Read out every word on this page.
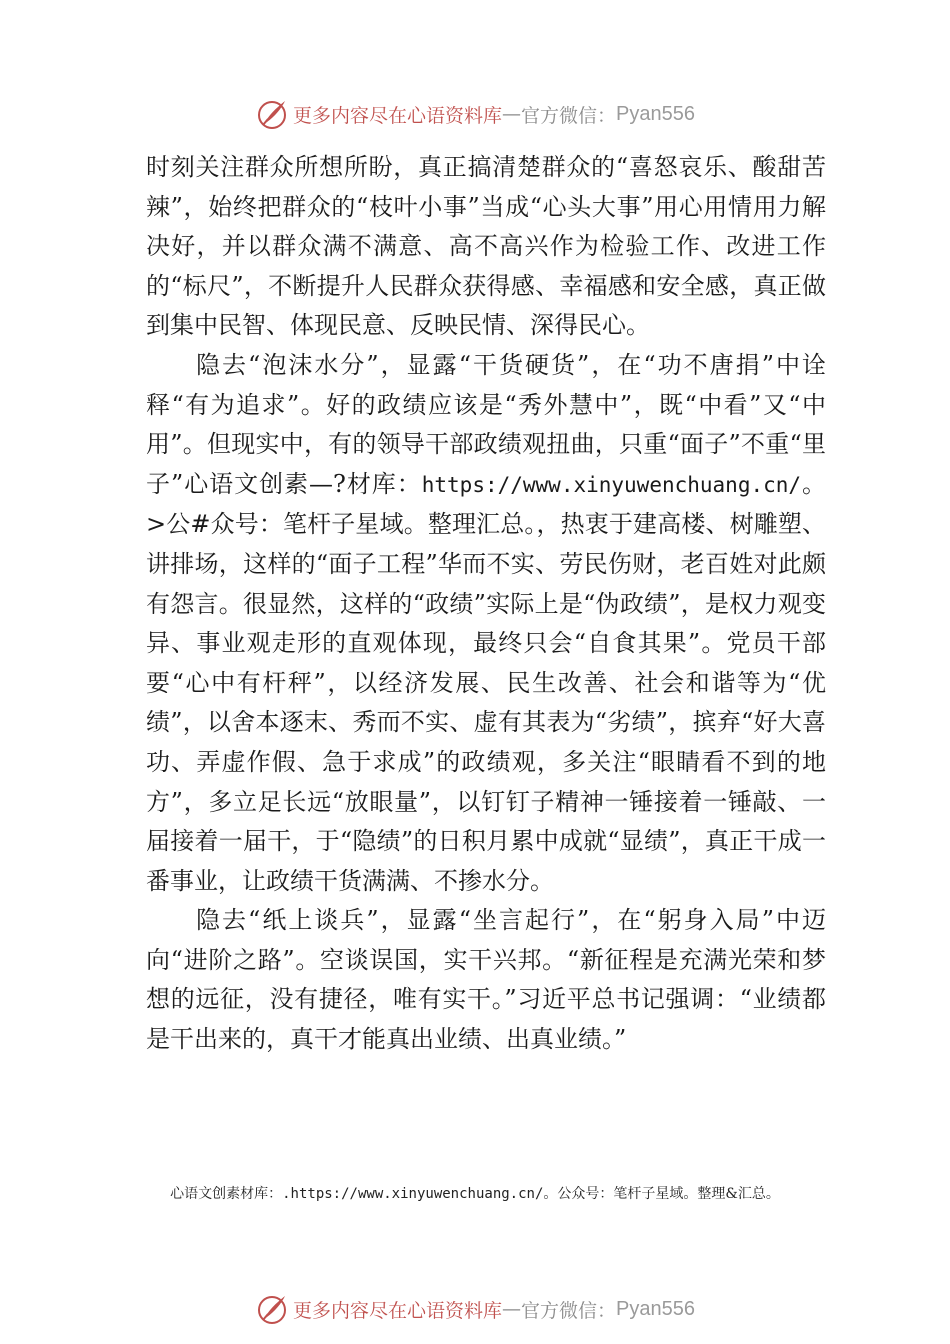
更多内容尽在心语资料库 — 官方微信： Pyan556

时刻关注群众所想所盼，真正搞清楚群众的“喜怒哀乐、酸甜苦辣”，始终把群众的“枝叶小事”当成“心头大事”用心用情用力解决好，并以群众满不满意、高不高兴作为检验工作、改进工作的“标尺”，不断提升人民群众获得感、幸福感和安全感，真正做到集中民智、体现民意、反映民情、深得民心。

隐去“泡沫水分”，显露“干货硬货”，在“功不唐捐”中诠释“有为追求”。好的政绩应该是“秀外慧中”，既“中看”又“中用”。但现实中，有的领导干部政绩观扭曲，只重“面子”不重“里子”心语文创素—?材库：https://www.xinyuwenchuang.cn/。>公#众号：笔杆子星域。整理汇总。，热衷于建高楼、树雕塑、讲排场，这样的“面子工程”华而不实、劳民伤财，老百姓对此颇有怨言。很显然，这样的“政绩”实际上是“伪政绩”，是权力观变异、事业观走形的直观体现，最终只会“自食其果”。党员干部要“心中有杆秤”，以经济发展、民生改善、社会和谐等为“优绩”，以舍本逐末、秀而不实、虚有其表为“劣绩”，摈弃“好大喜功、弄虚作假、急于求成”的政绩观，多关注“眼睛看不到的地方”，多立足长远“放眼量”，以钉钉子精神一锤接着一锤敲、一届接着一届干，于“隐绩”的日积月累中成就“显绩”，真正干成一番事业，让政绩干货满满、不掺水分。

隐去“纸上谈兵”，显露“坐言起行”，在“躬身入局”中迈向“进阶之路”。空谈误国，实干兴邦。“新征程是充满光荣和梦想的远征，没有捷径，唯有实干。”习近平总书记强调：“业绩都是干出来的，真干才能真出业绩、出真业绩。”

心语文创素材库：.https://www.xinyuwenchuang.cn/。公众号：笔杆子星域。整理&汇总。
更多内容尽在心语资料库 — 官方微信： Pyan556
